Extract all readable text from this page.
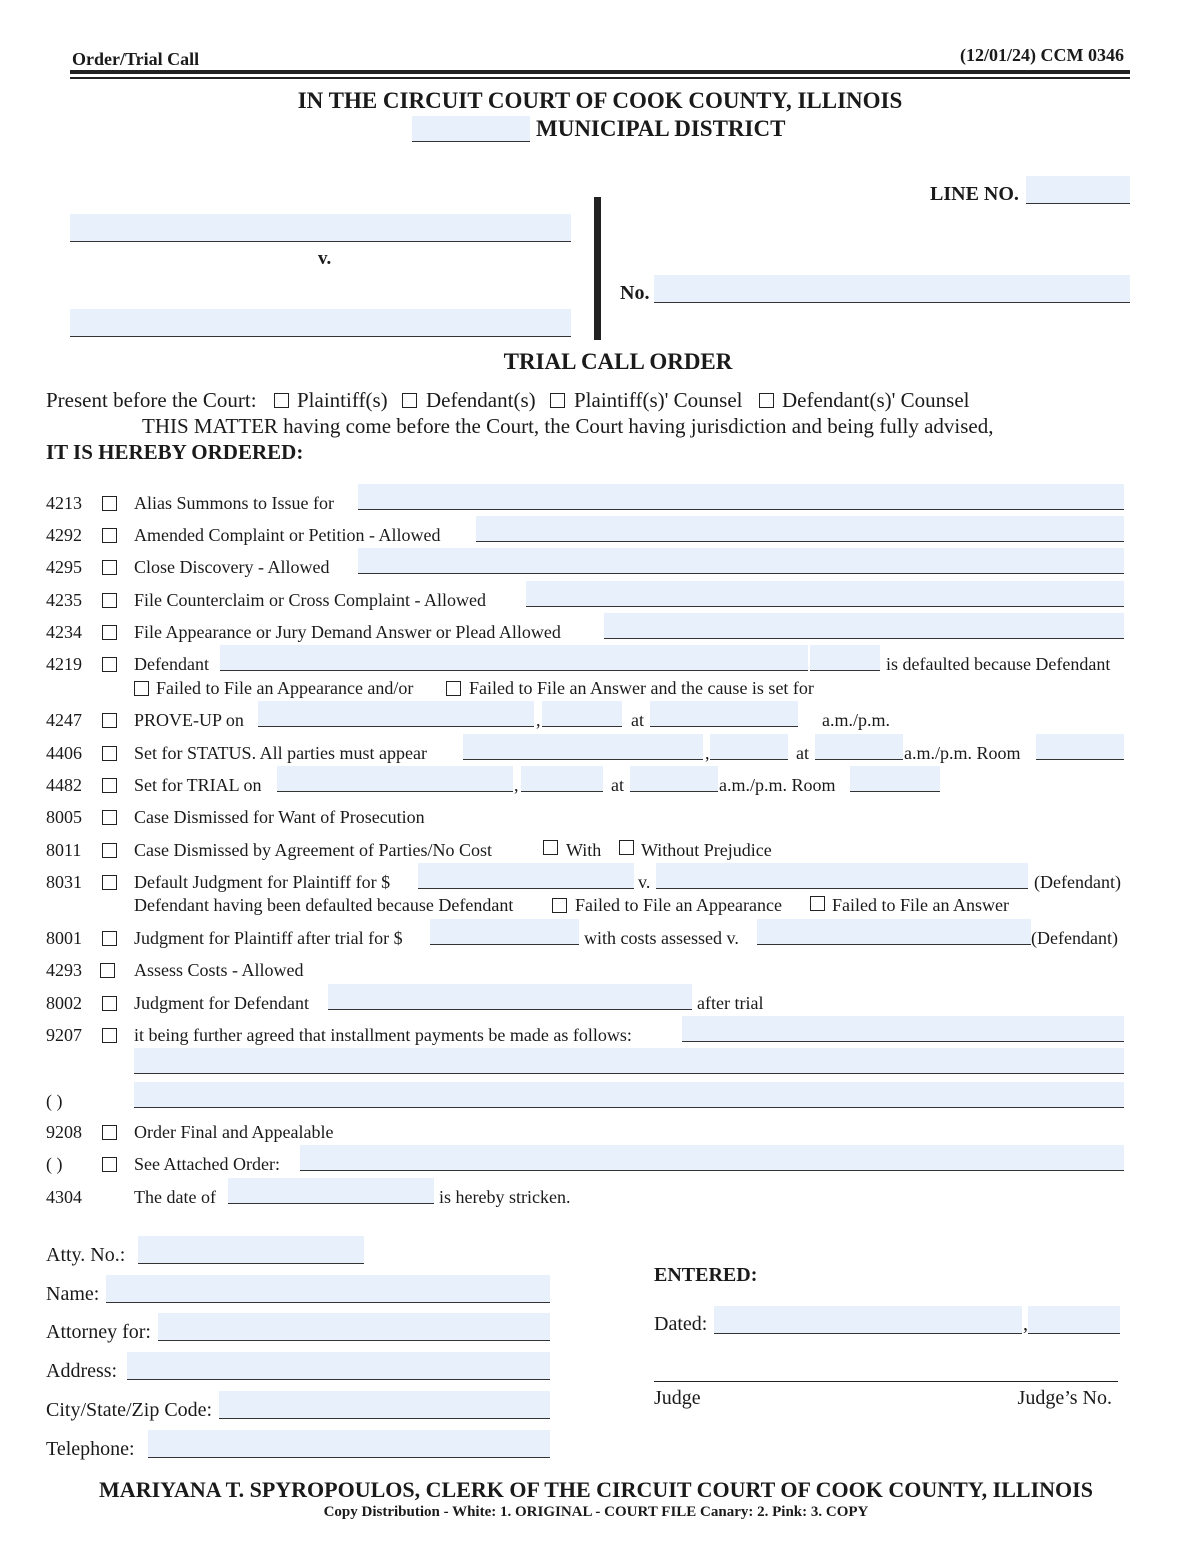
Order/Trial Call	(12/01/24) CCM 0346
IN THE CIRCUIT COURT OF COOK COUNTY, ILLINOIS
MUNICIPAL DISTRICT
LINE NO.
v.
No.
TRIAL CALL ORDER
Present before the Court: Plaintiff(s) Defendant(s) Plaintiff(s)' Counsel Defendant(s)' Counsel
THIS MATTER having come before the Court, the Court having jurisdiction and being fully advised,
IT IS HEREBY ORDERED:
4213	Alias Summons to Issue for
4292	Amended Complaint or Petition - Allowed
4295	Close Discovery - Allowed
4235	File Counterclaim or Cross Complaint - Allowed
4234	File Appearance or Jury Demand Answer or Plead Allowed
4219	Defendant	is defaulted because Defendant
Failed to File an Appearance and/or	Failed to File an Answer and the cause is set for
4247	PROVE-UP on	,	at	a.m./p.m.
4406	Set for STATUS. All parties must appear	,	at	a.m./p.m. Room
4482	Set for TRIAL on	,	at	a.m./p.m. Room
8005	Case Dismissed for Want of Prosecution
8011	Case Dismissed by Agreement of Parties/No Cost	With Without Prejudice
8031	Default Judgment for Plaintiff for $	v.	(Defendant)
Defendant having been defaulted because Defendant	Failed to File an Appearance	Failed to File an Answer
8001	Judgment for Plaintiff after trial for $	with costs assessed v.	(Defendant)
4293	Assess Costs - Allowed
8002	Judgment for Defendant	after trial
9207	it being further agreed that installment payments be made as follows:
( )
9208	Order Final and Appealable
( )	See Attached Order:
4304	The date of	is hereby stricken.
Atty. No.:
Name:
Attorney for:
Address:
City/State/Zip Code:
Telephone:
ENTERED:
Dated:	,
Judge	Judge’s No.
MARIYANA T. SPYROPOULOS, CLERK OF THE CIRCUIT COURT OF COOK COUNTY, ILLINOIS
Copy Distribution - White: 1. ORIGINAL - COURT FILE Canary: 2. Pink: 3. COPY
